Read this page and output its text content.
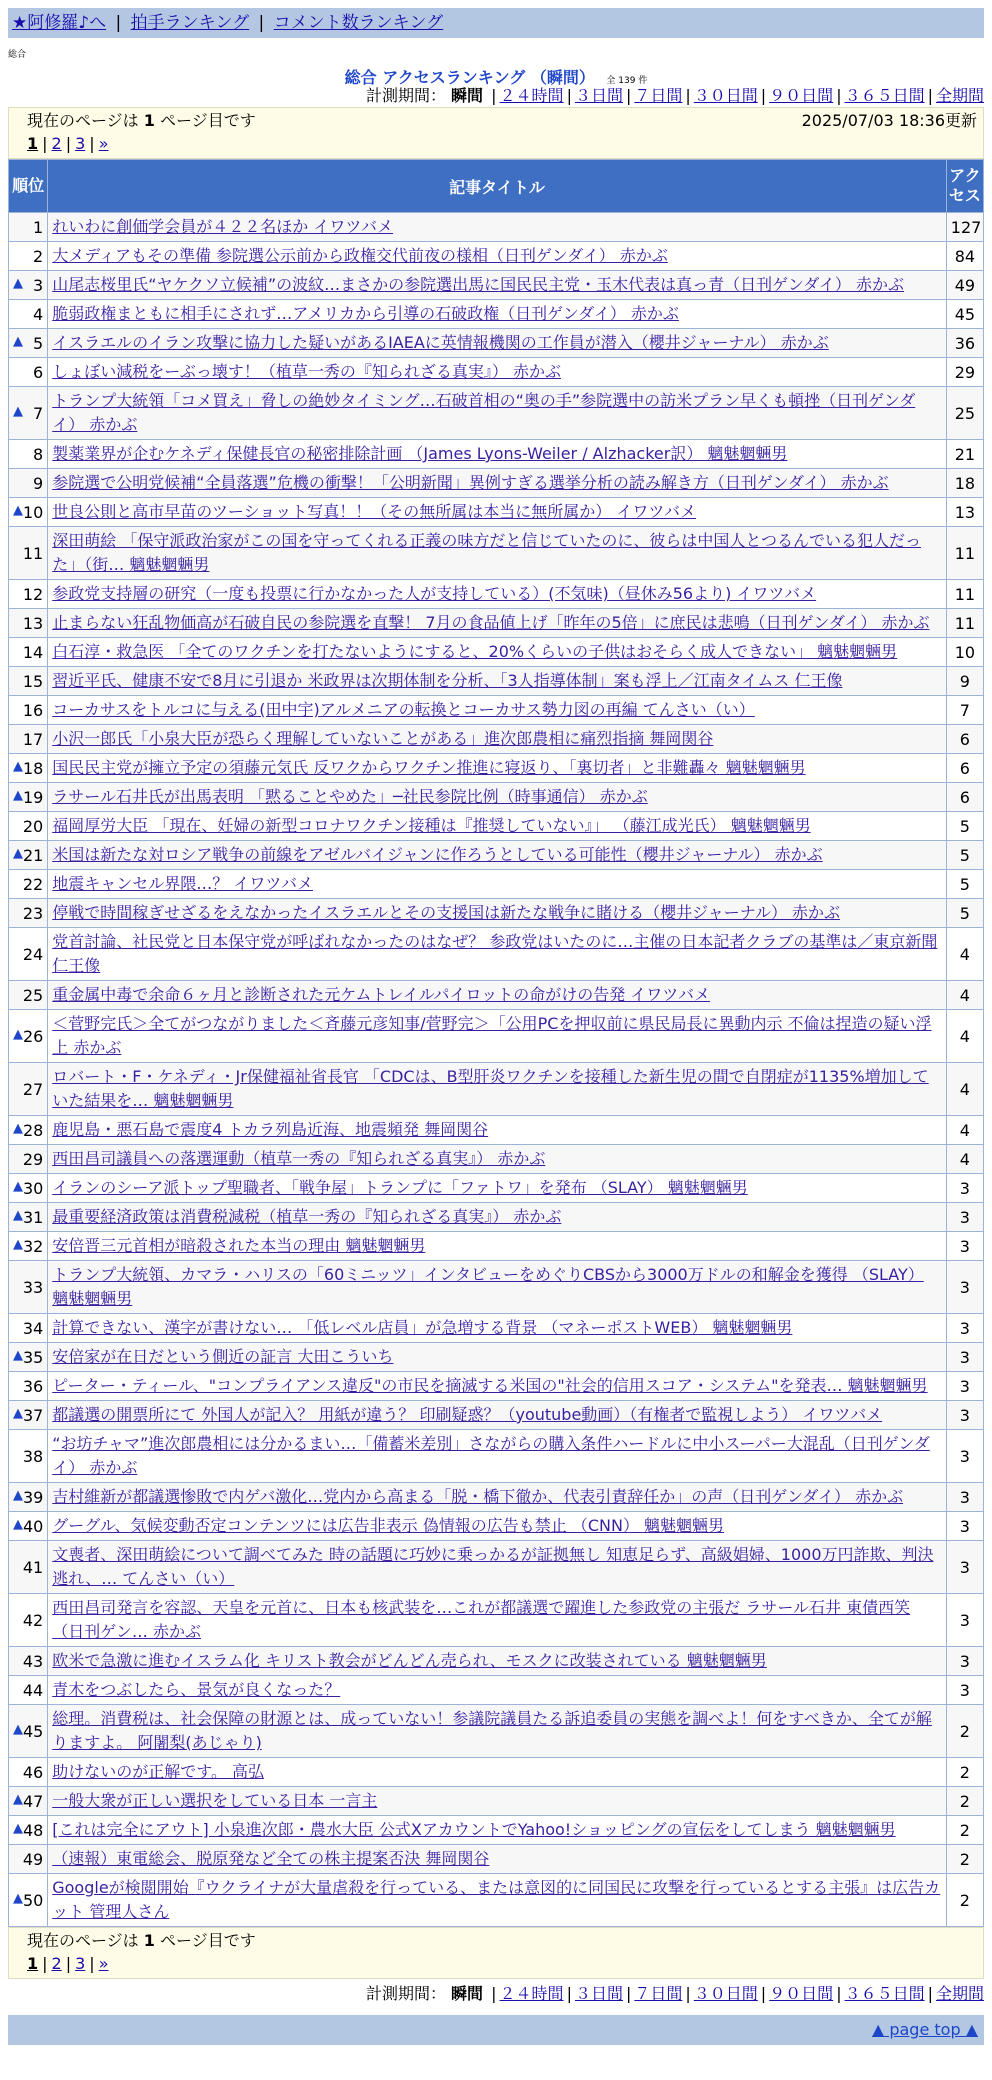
★阿修羅♪へ | 拍手ランキング | コメント数ランキング
総合
総合 アクセスランキング （瞬間） 全 139 件
計測期間： 瞬間 | ２４時間 | ３日間 | ７日間 | ３０日間 | ９０日間 | ３６５日間 | 全期間
現在のページは 1 ページ目です	2025/07/03 18:36更新
1 | 2 | 3 | »
順位	記事タイトル	アクセス
1	れいわに創価学会員が４２２名ほか イワツバメ	127
2	大メディアもその準備 参院選公示前から政権交代前夜の様相（日刊ゲンダイ） 赤かぶ	84

▲ 3	山尾志桜里氏“ヤケクソ立候補”の波紋…まさかの参院選出馬に国民民主党・玉木代表は真っ青（日刊ゲンダイ） 赤かぶ	49
4	脆弱政権まともに相手にされず…アメリカから引導の石破政権（日刊ゲンダイ） 赤かぶ	45

▲ 5	イスラエルのイラン攻撃に協力した疑いがあるIAEAに英情報機関の工作員が潜入（櫻井ジャーナル） 赤かぶ	36
6	しょぼい減税をーぶっ壊す！（植草一秀の『知られざる真実』） 赤かぶ	29

▲ 7	トランプ大統領「コメ買え」脅しの絶妙タイミング…石破首相の“奥の手”参院選中の訪米プラン早くも頓挫（日刊ゲンダイ） 赤かぶ	25
8	製薬業界が企むケネディ保健長官の秘密排除計画 （James Lyons-Weiler / Alzhacker訳） 魑魅魍魎男	21
9	参院選で公明党候補“全員落選”危機の衝撃！「公明新聞」異例すぎる選挙分析の読み解き方（日刊ゲンダイ） 赤かぶ	18

▲ 10	世良公則と高市早苗のツーショット写真！！（その無所属は本当に無所属か） イワツバメ	13
11	深田萌絵 「保守派政治家がこの国を守ってくれる正義の味方だと信じていたのに、彼らは中国人とつるんでいる犯人だった」（街… 魑魅魍魎男	11
12	参政党支持層の研究（一度も投票に行かなかった人が支持している）(不気味)（昼休み56より) イワツバメ	11
13	止まらない狂乱物価高が石破自民の参院選を直撃！ 7月の食品値上げ「昨年の5倍」に庶民は悲鳴（日刊ゲンダイ） 赤かぶ	11
14	白石淳・救急医 「全てのワクチンを打たないようにすると、20%くらいの子供はおそらく成人できない」 魑魅魍魎男	10
15	習近平氏、健康不安で8月に引退か 米政界は次期体制を分析、「3人指導体制」案も浮上／江南タイムス 仁王像	9
16	コーカサスをトルコに与える(田中宇)アルメニアの転換とコーカサス勢力図の再編 てんさい（い）	7
17	小沢一郎氏「小泉大臣が恐らく理解していないことがある」進次郎農相に痛烈指摘 舞岡関谷	6

▲ 18	国民民主党が擁立予定の須藤元気氏 反ワクからワクチン推進に寝返り、「裏切者」と非難轟々 魑魅魍魎男	6

▲ 19	ラサール石井氏が出馬表明 「黙ることやめた」─社民参院比例（時事通信） 赤かぶ	6
20	福岡厚労大臣 「現在、妊婦の新型コロナワクチン接種は『推奨していない』」 （藤江成光氏） 魑魅魍魎男	5

▲ 21	米国は新たな対ロシア戦争の前線をアゼルバイジャンに作ろうとしている可能性（櫻井ジャーナル） 赤かぶ	5
22	地震キャンセル界隈…？ イワツバメ	5
23	停戦で時間稼ぎせざるをえなかったイスラエルとその支援国は新たな戦争に賭ける（櫻井ジャーナル） 赤かぶ	5
24	党首討論、社民党と日本保守党が呼ばれなかったのはなぜ？ 参政党はいたのに…主催の日本記者クラブの基準は／東京新聞 仁王像	4
25	重金属中毒で余命６ヶ月と診断された元ケムトレイルパイロットの命がけの告発 イワツバメ	4

▲ 26	＜菅野完氏＞全てがつながりました＜斉藤元彦知事/菅野完＞「公用PCを押収前に県民局長に異動内示 不倫は捏造の疑い浮上 赤かぶ	4
27	ロバート・F・ケネディ・Jr保健福祉省長官 「CDCは、B型肝炎ワクチンを接種した新生児の間で自閉症が1135%増加していた結果を… 魑魅魍魎男	4

▲ 28	鹿児島・悪石島で震度4 トカラ列島近海、地震頻発 舞岡関谷	4
29	西田昌司議員への落選運動（植草一秀の『知られざる真実』） 赤かぶ	4

▲ 30	イランのシーア派トップ聖職者、「戦争屋」トランプに「ファトワ」を発布 （SLAY） 魑魅魍魎男	3

▲ 31	最重要経済政策は消費税減税（植草一秀の『知られざる真実』） 赤かぶ	3

▲ 32	安倍晋三元首相が暗殺された本当の理由 魑魅魍魎男	3
33	トランプ大統領、カマラ・ハリスの「60ミニッツ」インタビューをめぐりCBSから3000万ドルの和解金を獲得 （SLAY） 魑魅魍魎男	3
34	計算できない、漢字が書けない… 「低レベル店員」が急増する背景 （マネーポストWEB） 魑魅魍魎男	3

▲ 35	安倍家が在日だという側近の証言 大田こういち	3
36	ピーター・ティール、"コンプライアンス違反"の市民を摘滅する米国の"社会的信用スコア・システム"を発表… 魑魅魍魎男	3

▲ 37	都議選の開票所にて 外国人が記入？ 用紙が違う？ 印刷疑惑？（youtube動画）（有権者で監視しよう） イワツバメ	3
38	“お坊チャマ”進次郎農相には分かるまい…「備蓄米差別」さながらの購入条件ハードルに中小スーパー大混乱（日刊ゲンダイ） 赤かぶ	3

▲ 39	吉村維新が都議選惨敗で内ゲバ激化…党内から高まる「脱・橋下徹か、代表引責辞任か」の声（日刊ゲンダイ） 赤かぶ	3

▲ 40	グーグル、気候変動否定コンテンツには広告非表示 偽情報の広告も禁止 （CNN） 魑魅魍魎男	3
41	文喪者、深田萌絵について調べてみた 時の話題に巧妙に乗っかるが証拠無し 知恵足らず、高級娼婦、1000万円詐欺、判決逃れ、… てんさい（い）	3
42	西田昌司発言を容認、天皇を元首に、日本も核武装を…これが都議選で躍進した参政党の主張だ ラサール石井 東債西笑（日刊ゲン… 赤かぶ	3
43	欧米で急激に進むイスラム化 キリスト教会がどんどん売られ、モスクに改装されている 魑魅魍魎男	3
44	青木をつぶしたら、景気が良くなった？	3

▲ 45	総理。消費税は、社会保障の財源とは、成っていない！参議院議員たる訴追委員の実態を調べよ！何をすべきか、全てが解りますよ。 阿闍梨(あじゃり)	2
46	助けないのが正解です。 高弘	2

▲ 47	一般大衆が正しい選択をしている日本 一言主	2

▲ 48	[これは完全にアウト] 小泉進次郎・農水大臣 公式XアカウントでYahoo!ショッピングの宣伝をしてしまう 魑魅魍魎男	2
49	（速報）東電総会、脱原発など全ての株主提案否決 舞岡関谷	2

▲ 50	Googleが検閲開始『ウクライナが大量虐殺を行っている、または意図的に同国民に攻撃を行っているとする主張』は広告カット 管理人さん	2
現在のページは 1 ページ目です
1 | 2 | 3 | »
計測期間： 瞬間 | ２４時間 | ３日間 | ７日間 | ３０日間 | ９０日間 | ３６５日間 | 全期間
▲ page top ▲
